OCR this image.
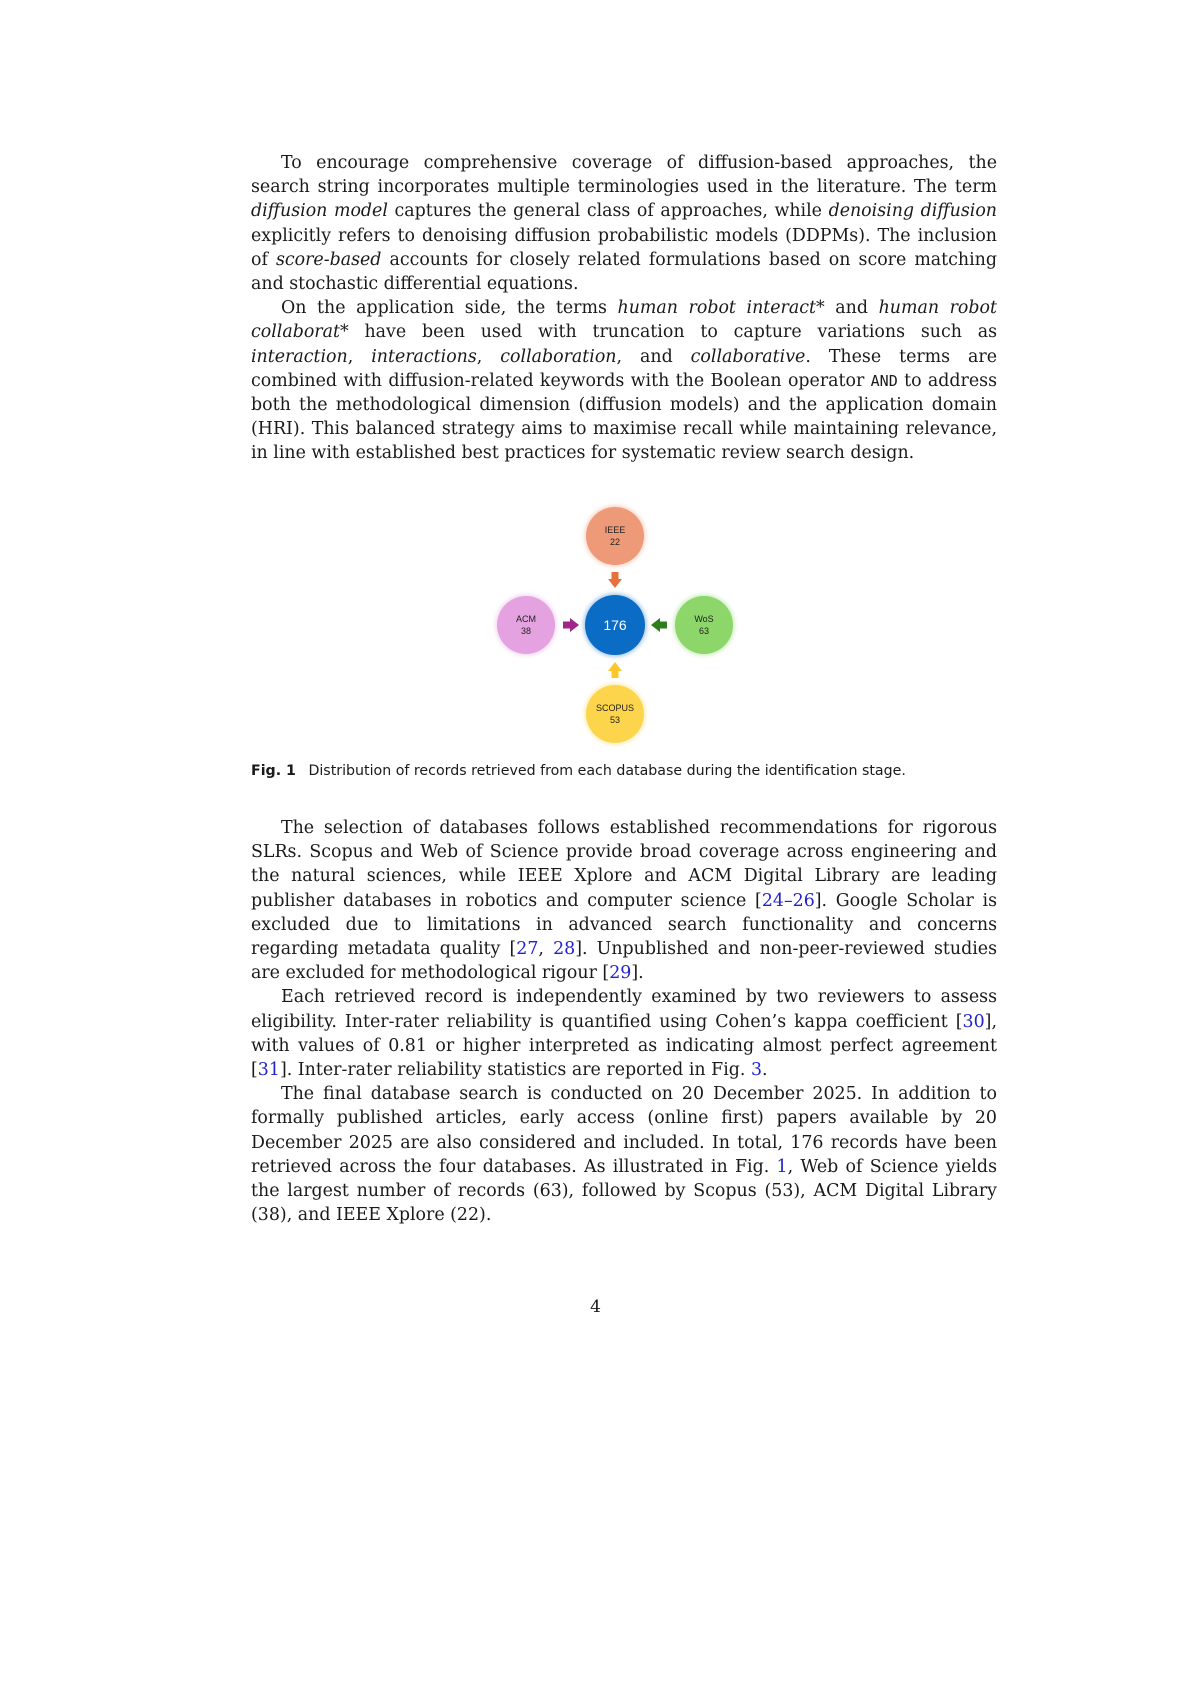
To encourage comprehensive coverage of diffusion-based approaches, the search string incorporates multiple terminologies used in the literature. The term diffusion model captures the general class of approaches, while denoising diffusion explicitly refers to denoising diffusion probabilistic models (DDPMs). The inclusion of score-based accounts for closely related formulations based on score matching and stochastic differential equations.

On the application side, the terms human robot interact* and human robot collaborat* have been used with truncation to capture variations such as interaction, interactions, collaboration, and collaborative. These terms are combined with diffusion-related keywords with the Boolean operator AND to address both the methodological dimension (diffusion models) and the application domain (HRI). This balanced strategy aims to maximise recall while maintaining relevance, in line with established best practices for systematic review search design.

IEEE
22
ACM
38
WoS
63
SCOPUS
53
176
Fig. 1 Distribution of records retrieved from each database during the identification stage.

The selection of databases follows established recommendations for rigorous SLRs. Scopus and Web of Science provide broad coverage across engineering and the natural sciences, while IEEE Xplore and ACM Digital Library are leading publisher databases in robotics and computer science [24–26]. Google Scholar is excluded due to limitations in advanced search functionality and concerns regarding metadata quality [27, 28]. Unpublished and non-peer-reviewed studies are excluded for methodological rigour [29].

Each retrieved record is independently examined by two reviewers to assess eligibility. Inter-rater reliability is quantified using Cohen’s kappa coefficient [30], with values of 0.81 or higher interpreted as indicating almost perfect agreement [31]. Inter-rater reliability statistics are reported in Fig. 3.

The final database search is conducted on 20 December 2025. In addition to formally published articles, early access (online first) papers available by 20 December 2025 are also considered and included. In total, 176 records have been retrieved across the four databases. As illustrated in Fig. 1, Web of Science yields the largest number of records (63), followed by Scopus (53), ACM Digital Library (38), and IEEE Xplore (22).

4
